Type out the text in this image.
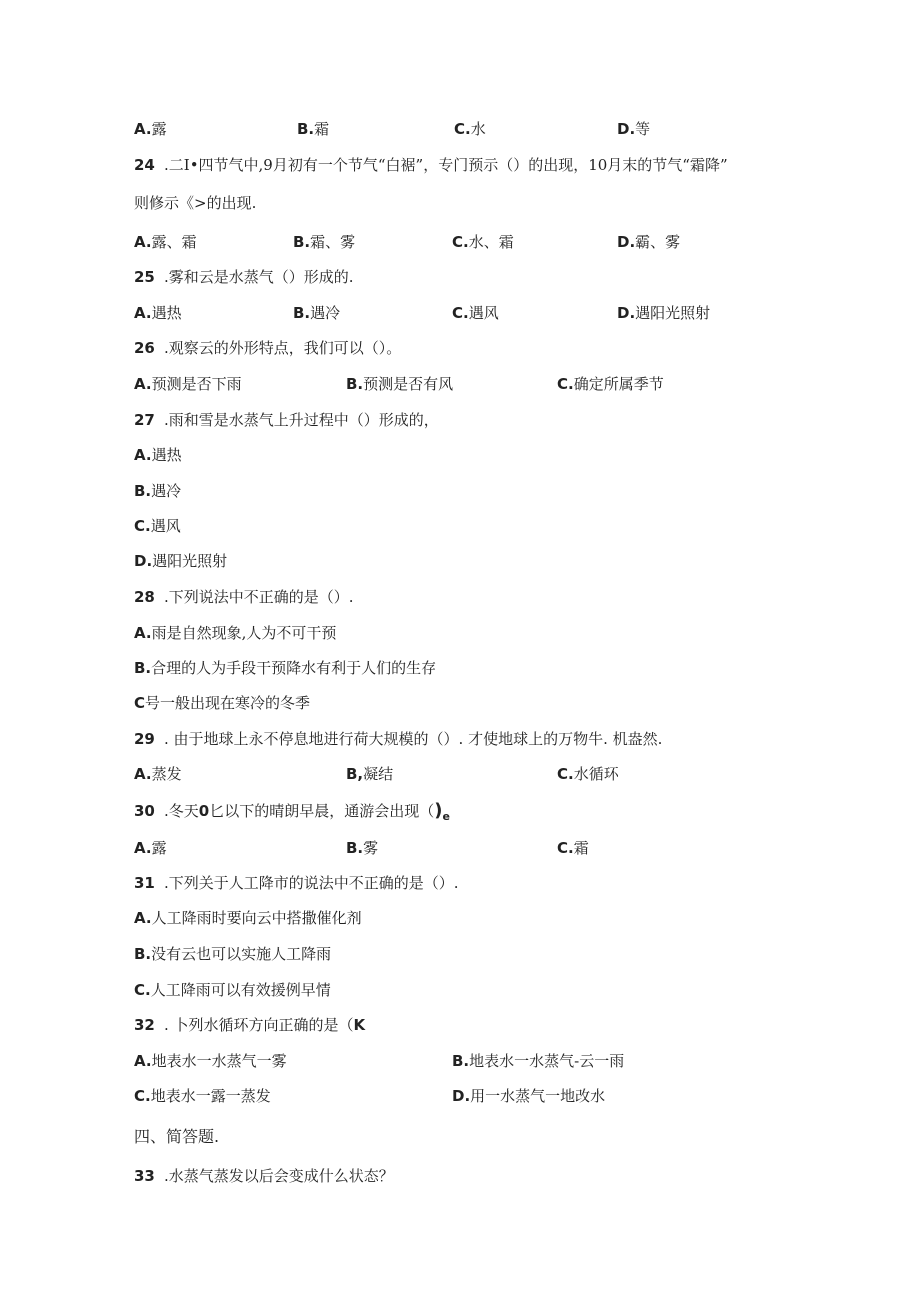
A.露	B.霜	C.水	D.等
24 .二I•四节气中,9月初有一个节气“白裾”，专门预示（）的出现，10月末的节气“霜降”
则修示《>的出现.
A.露、霜	B.霜、雾	C.水、霜	D.霸、雾
25 .雾和云是水蒸气（）形成的.
A.遇热	B.遇冷	C.遇风	D.遇阳光照射
26 .观察云的外形特点，我们可以（）。
A.预测是否下雨	B.预测是否有风	C.确定所属季节
27 .雨和雪是水蒸气上升过程中（）形成的，
A.遇热
B.遇冷
C.遇风
D.遇阳光照射
28 .下列说法中不正确的是（）.
A.雨是自然现象,人为不可干预
B.合理的人为手段干预降水有利于人们的生存
C号一般出现在寒冷的冬季
29 . 由于地球上永不停息地进行荷大规模的（）. 才使地球上的万物牛. 机盎然.
A.蒸发	B,凝结	C.水循环
30 .冬天0匕以下的晴朗早晨，通游会出现$()_e$
A.露	B.雾	C.霜
31 .下列关于人工降市的说法中不正确的是（）.
A.人工降雨时要向云中搭撒催化剂
B.没有云也可以实施人工降雨
C.人工降雨可以有效援例早情
32 . 卜列水循环方向正确的是（K
A.地表水一水蒸气一雾	B.地表水一水蒸气-云一雨
C.地表水一露一蒸发	D.用一水蒸气一地改水
四、简答题.
33 .水蒸气蒸发以后会变成什么状态？
